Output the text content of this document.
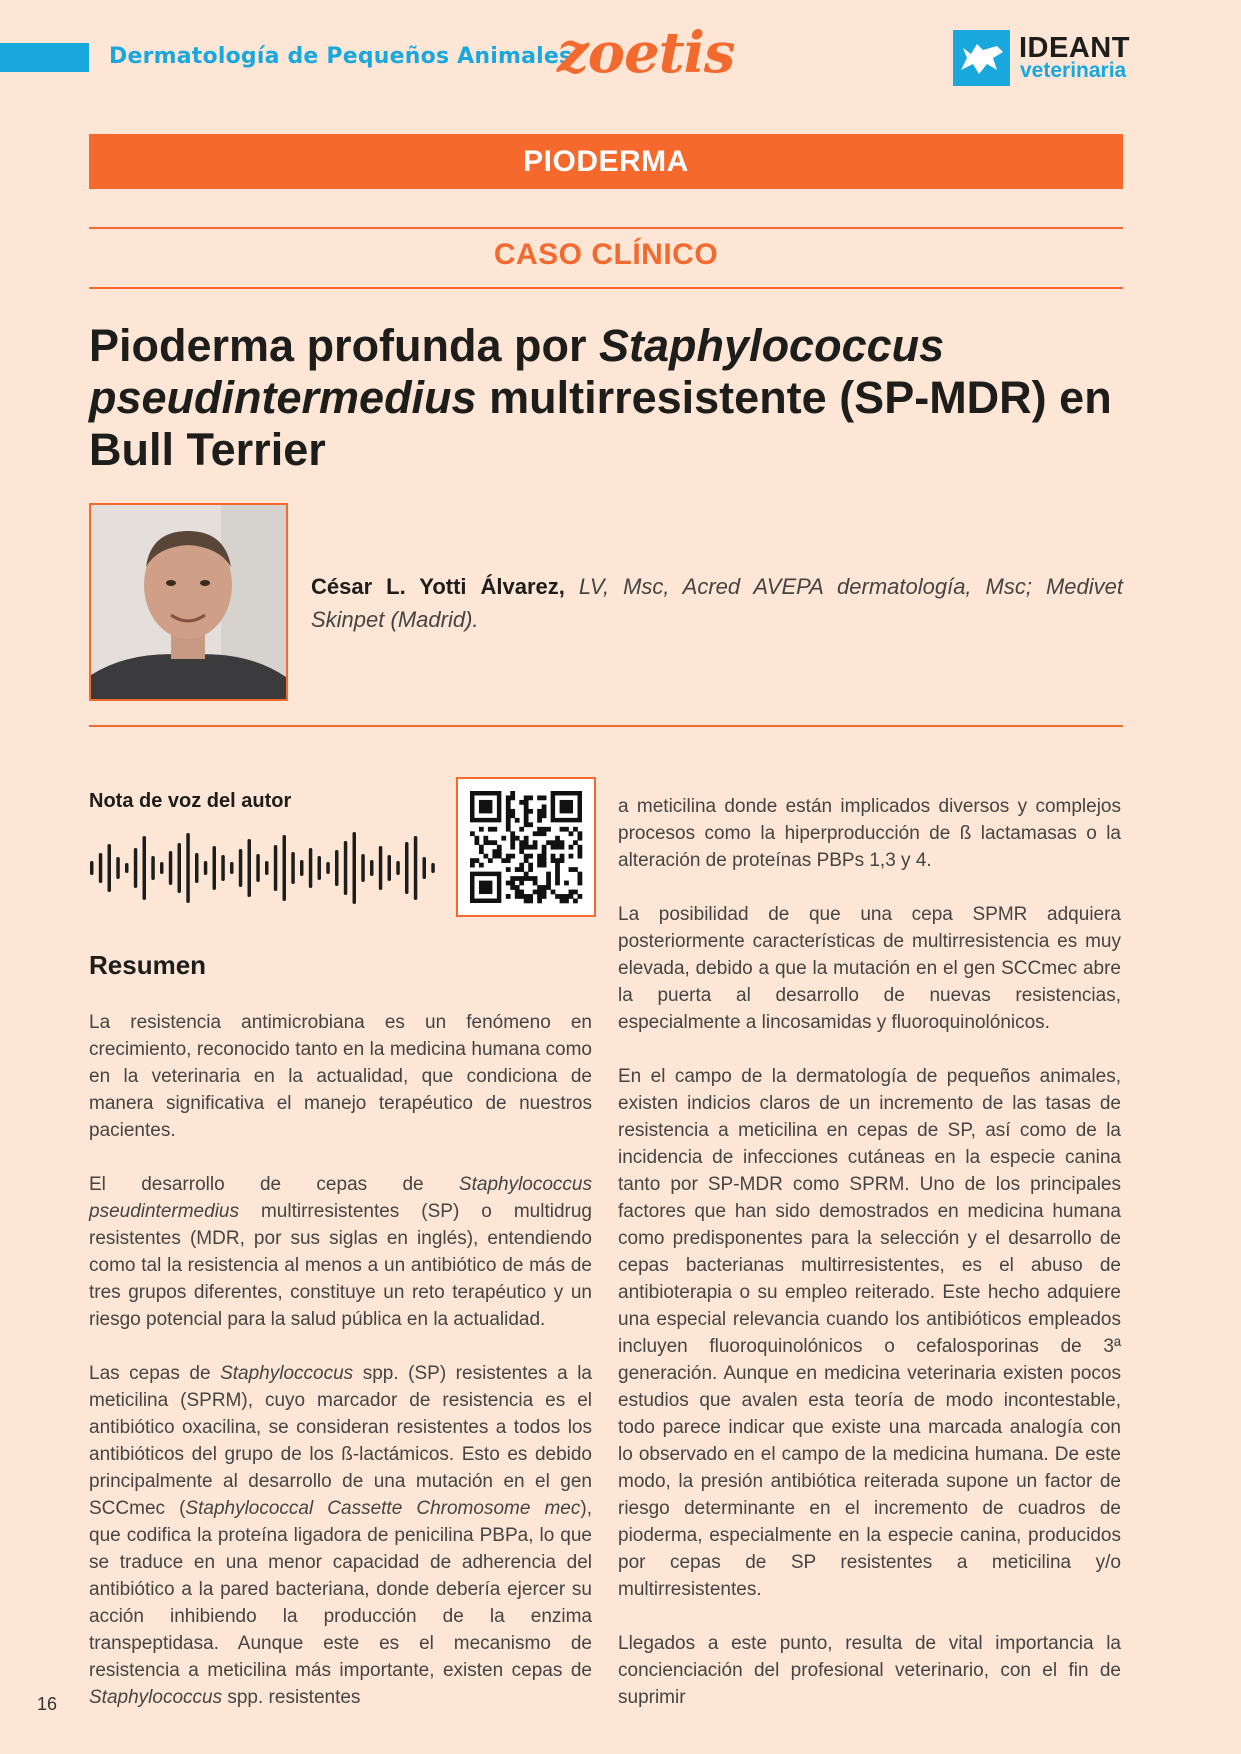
Dermatología de Pequeños Animales
zoetis	IDEANT
veterinaria
PIODERMA
CASO CLÍNICO
Pioderma profunda por Staphylococcus pseudintermedius multirresistente (SP-MDR) en Bull Terrier
César L. Yotti Álvarez, LV, Msc, Acred AVEPA dermatología, Msc; Medivet Skinpet (Madrid).
Nota de voz del autor
Resumen

La resistencia antimicrobiana es un fenómeno en crecimiento, reconocido tanto en la medicina humana como en la veterinaria en la actualidad, que condiciona de manera significativa el manejo terapéutico de nuestros pacientes.

El desarrollo de cepas de Staphylococcus pseudintermedius multirresistentes (SP) o multidrug resistentes (MDR, por sus siglas en inglés), entendiendo como tal la resistencia al menos a un antibiótico de más de tres grupos diferentes, constituye un reto terapéutico y un riesgo potencial para la salud pública en la actualidad.

Las cepas de Staphyloccocus spp. (SP) resistentes a la meticilina (SPRM), cuyo marcador de resistencia es el antibiótico oxacilina, se consideran resistentes a todos los antibióticos del grupo de los ß-lactámicos. Esto es debido principalmente al desarrollo de una mutación en el gen SCCmec (Staphylococcal Cassette Chromosome mec), que codifica la proteína ligadora de penicilina PBPa, lo que se traduce en una menor capacidad de adherencia del antibiótico a la pared bacteriana, donde debería ejercer su acción inhibiendo la producción de la enzima transpeptidasa. Aunque este es el mecanismo de resistencia a meticilina más importante, existen cepas de Staphylococcus spp. resistentes

a meticilina donde están implicados diversos y complejos procesos como la hiperproducción de ß lactamasas o la alteración de proteínas PBPs 1,3 y 4.

La posibilidad de que una cepa SPMR adquiera posteriormente características de multirresistencia es muy elevada, debido a que la mutación en el gen SCCmec abre la puerta al desarrollo de nuevas resistencias, especialmente a lincosamidas y fluoroquinolónicos.

En el campo de la dermatología de pequeños animales, existen indicios claros de un incremento de las tasas de resistencia a meticilina en cepas de SP, así como de la incidencia de infecciones cutáneas en la especie canina tanto por SP-MDR como SPRM. Uno de los principales factores que han sido demostrados en medicina humana como predisponentes para la selección y el desarrollo de cepas bacterianas multirresistentes, es el abuso de antibioterapia o su empleo reiterado. Este hecho adquiere una especial relevancia cuando los antibióticos empleados incluyen fluoroquinolónicos o cefalosporinas de 3ª generación. Aunque en medicina veterinaria existen pocos estudios que avalen esta teoría de modo incontestable, todo parece indicar que existe una marcada analogía con lo observado en el campo de la medicina humana. De este modo, la presión antibiótica reiterada supone un factor de riesgo determinante en el incremento de cuadros de pioderma, especialmente en la especie canina, producidos por cepas de SP resistentes a meticilina y/o multirresistentes.

Llegados a este punto, resulta de vital importancia la concienciación del profesional veterinario, con el fin de suprimir

16
